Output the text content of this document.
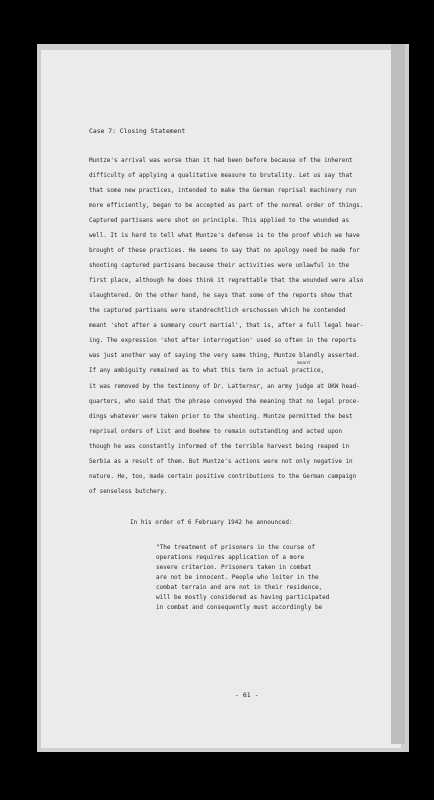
Case 7: Closing Statement
Muntze's arrival was worse than it had been before because of the inherent
difficulty of applying a qualitative measure to brutality. Let us say that
that some new practices, intended to make the German reprisal machinery run
more efficiently, began to be accepted as part of the normal order of things.
Captured partisans were shot on principle. This applied to the wounded as
well. It is hard to tell what Muntze's defense is to the proof which we have
brought of these practices. He seems to say that no apology need be made for
shooting captured partisans because their activities were unlawful in the
first place, although he does think it regrettable that the wounded were also
slaughtered. On the other hand, he says that some of the reports show that
the captured partisans were standrechtlich erschossen which he contended
meant 'shot after a summary court martial', that is, after a full legal hear-
ing. The expression 'shot after interrogation' used so often in the reports
was just another way of saying the very same thing, Muntze blandly asserted.
If any ambiguity remained as to what this term in actual practice,
it was removed by the testimony of Dr. Latternsr, an army judge at OKW head-
quarters, who said that the phrase conveyed the meaning that no legal proce-
dings whatever were taken prior to the shooting. Muntze permitted the best
reprisal orders of List and Boehme to remain outstanding and acted upon
though he was constantly informed of the terrible harvest being reaped in
Serbia as a result of them. But Muntze's actions were not only negative in
nature. He, too, made certain positive contributions to the German campaign
of senseless butchery.
meant
In his order of 6 February 1942 he announced:
"The treatment of prisoners in the course of
operations requires application of a more
severe criterion. Prisoners taken in combat
are not be innocent. People who loiter in the
combat terrain and are not in their residence,
will be mostly considered as having participated
in combat and consequently must accordingly be
- 61 -
